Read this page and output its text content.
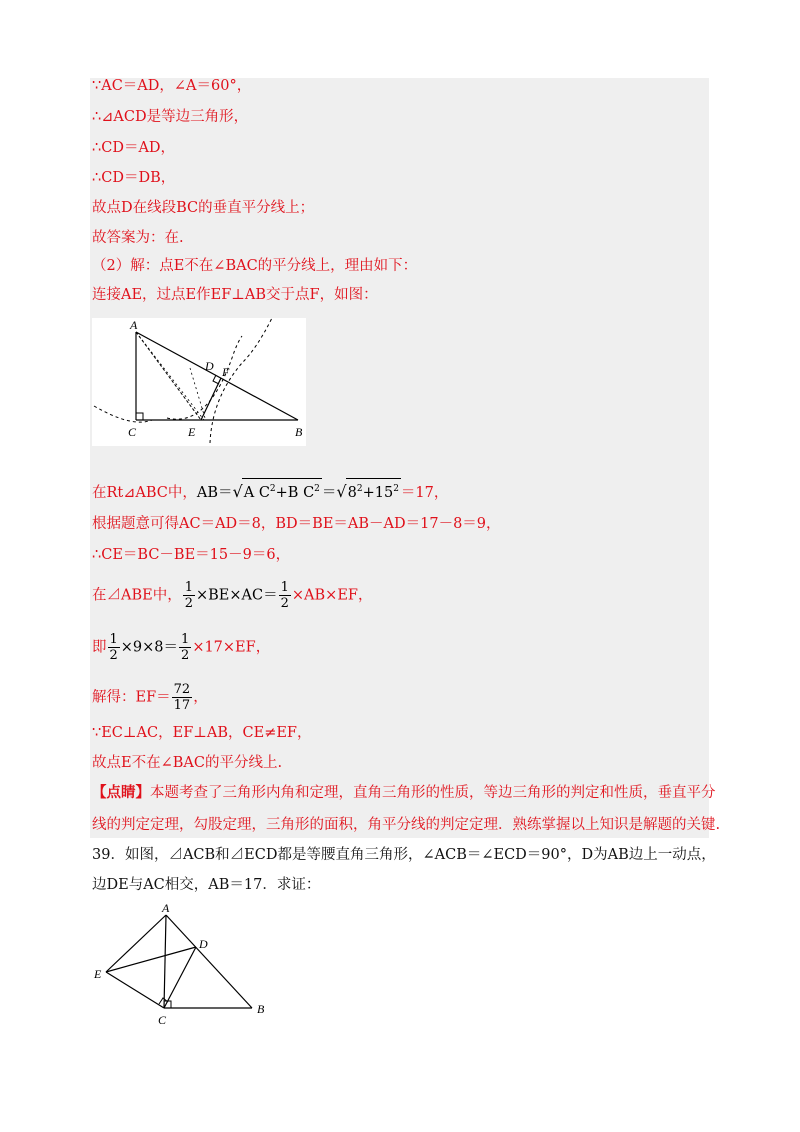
∵AC＝AD，∠A＝60°，
∴⊿ACD是等边三角形，
∴CD＝AD，
∴CD＝DB，
故点D在线段BC的垂直平分线上；
故答案为：在.
（2）解：点E不在∠BAC的平分线上，理由如下：
连接AE，过点E作EF⊥AB交于点F，如图：
A
C	E	B
D F
在Rt⊿ABC中，AB＝√A $C^2+B$ $C^2 =√8^2+15^2 =17$，
根据题意可得AC＝AD＝8，BD＝BE＝AB－AD＝17－8＝9，
∴CE＝BC－BE＝15－9＝6，
在⊿ABE中， $\frac{1}{2} \times BE\times AC= \frac{1}{2} \times AB\times EF$，
即 $\frac{1}{2} \times 9\times 8= \frac{1}{2} \times 17\times EF$，
解得：$EF= \frac{72}{17}$ ，
∵EC⊥AC，EF⊥AB，CE≠EF，
故点E不在∠BAC的平分线上.
【点睛】本题考查了三角形内角和定理，直角三角形的性质，等边三角形的判定和性质，垂直平分
线的判定定理，勾股定理，三角形的面积，角平分线的判定定理．熟练掌握以上知识是解题的关键.
39．如图，⊿ACB和⊿ECD都是等腰直角三角形，∠ACB＝∠ECD＝90°，D为AB边上一动点，
边DE与AC相交，AB＝17．求证：
A
E
D
C
B
